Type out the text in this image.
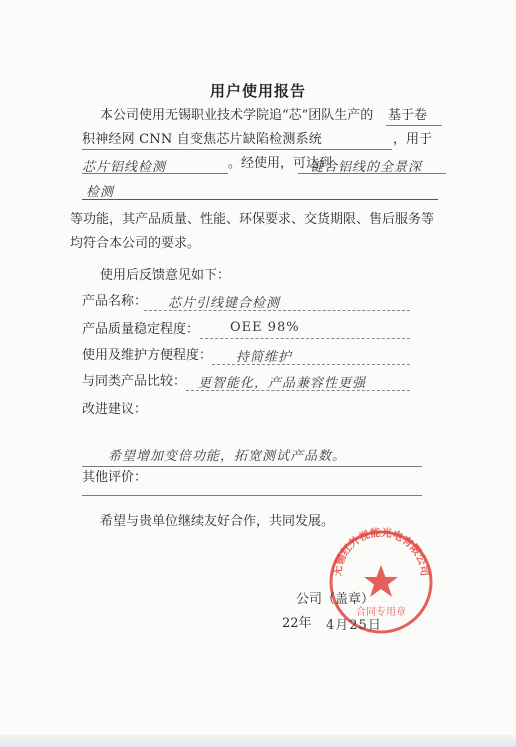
用户使用报告
本公司使用无锡职业技术学院追“芯”团队生产的 基于卷
积神经网 CNN 自变焦芯片缺陷检测系统	，用于
芯片铝线检测	。经使用，可达到
键合铝线的全景深
检测
等功能，其产品质量、性能、环保要求、交货期限、售后服务等
均符合本公司的要求。
使用后反馈意见如下：
产品名称： 芯片引线键合检测
产品质量稳定程度： OEE 98%
使用及维护方便程度： 持简维护
与同类产品比较： 更智能化，产品兼容性更强
改进建议：
希望增加变倍功能，拓宽测试产品数。
其他评价：
希望与贵单位继续友好合作，共同发展。
无锡红外视能光电有限公司
合同专用章
公司（盖章）
22年 4月25日
